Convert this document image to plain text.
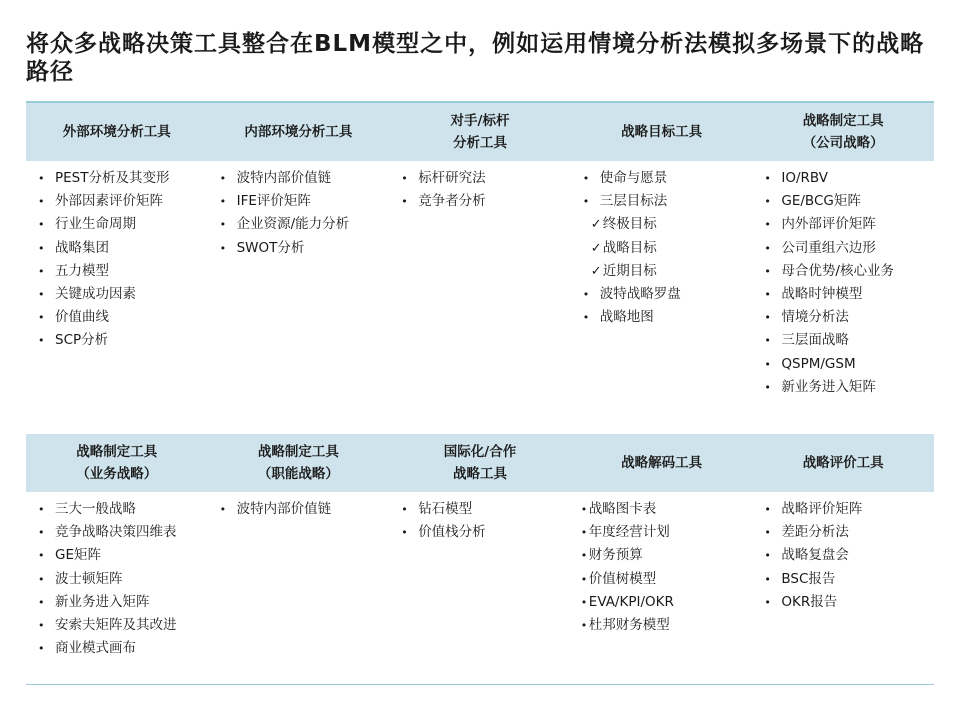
将众多战略决策工具整合在BLM模型之中，例如运用情境分析法模拟多场景下的战略路径
外部环境分析工具	内部环境分析工具
对手/标杆
分析工具
战略目标工具
战略制定工具
（公司战略）
• PEST分析及其变形
• 外部因素评价矩阵
• 行业生命周期
• 战略集团
• 五力模型
• 关键成功因素
• 价值曲线
• SCP分析
• 波特内部价值链
• IFE评价矩阵
• 企业资源/能力分析
• SWOT分析
• 标杆研究法
• 竞争者分析
• 使命与愿景
• 三层目标法
✓ 终极目标
✓ 战略目标
✓ 近期目标
• 波特战略罗盘
• 战略地图
• IO/RBV
• GE/BCG矩阵
• 内外部评价矩阵
• 公司重组六边形
• 母合优势/核心业务
• 战略时钟模型
• 情境分析法
• 三层面战略
• QSPM/GSM
• 新业务进入矩阵
战略制定工具
（业务战略）
战略制定工具
（职能战略）
国际化/合作
战略工具
战略解码工具	战略评价工具
• 三大一般战略
• 竞争战略决策四维表
• GE矩阵
• 波士顿矩阵
• 新业务进入矩阵
• 安索夫矩阵及其改进
• 商业模式画布
• 波特内部价值链
•	钻石模型
• 价值栈分析
• 战略图卡表
• 年度经营计划
• 财务预算
• 价值树模型
• EVA/KPI/OKR
• 杜邦财务模型
• 战略评价矩阵
• 差距分析法
• 战略复盘会
• BSC报告
• OKR报告
